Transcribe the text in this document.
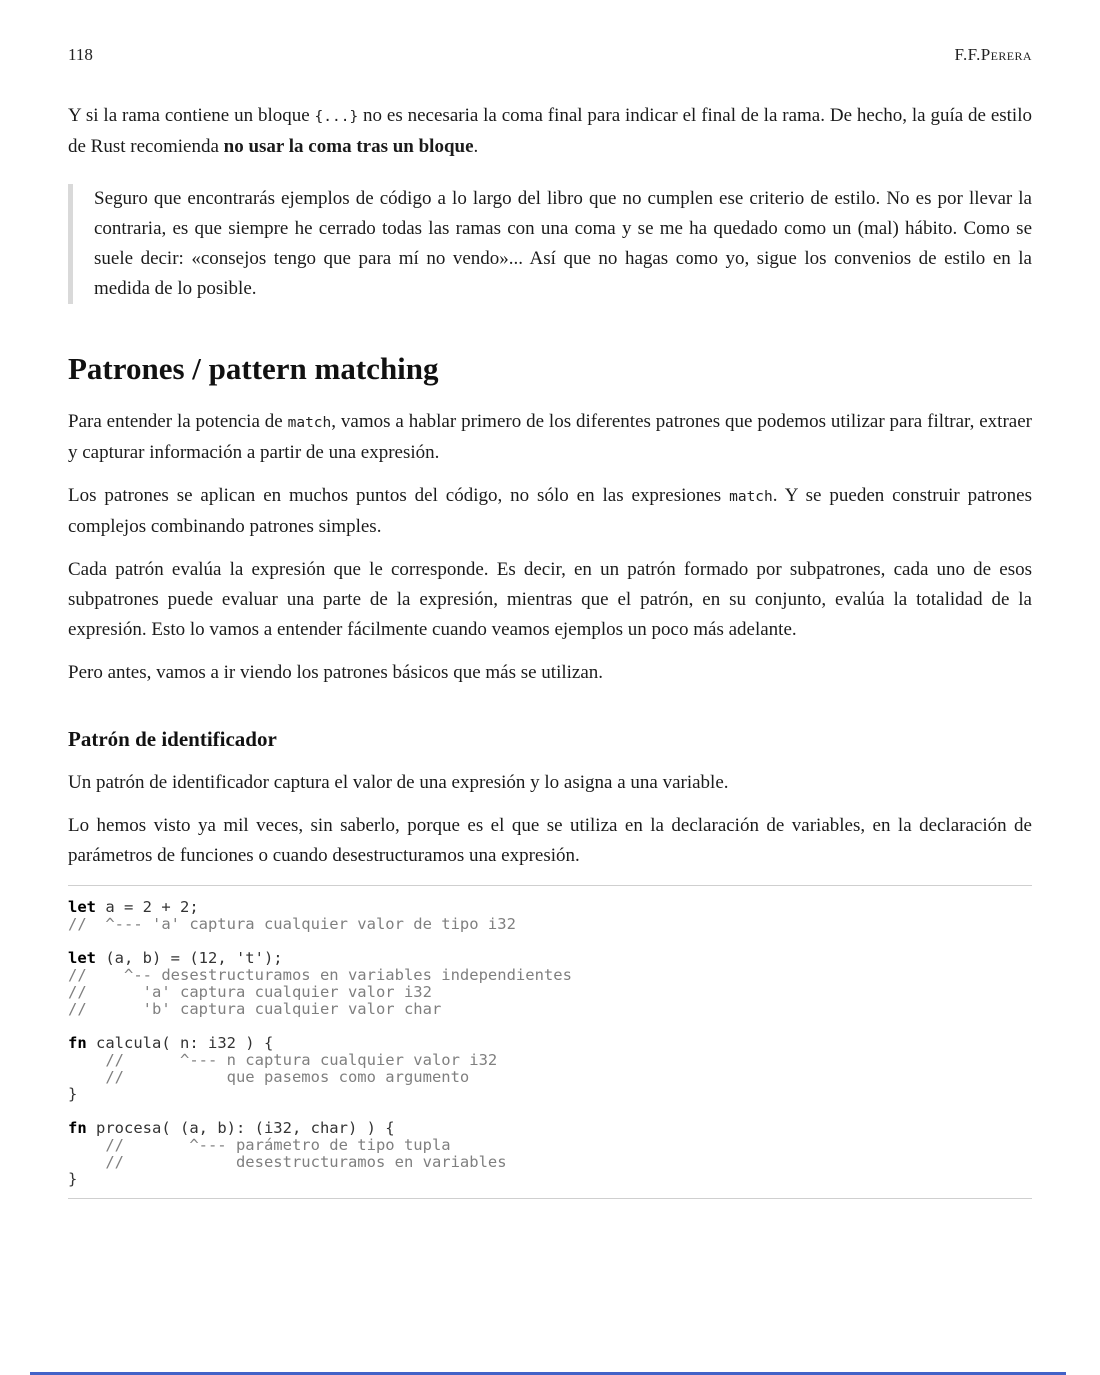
118	F.F.Perera

Y si la rama contiene un bloque {...} no es necesaria la coma final para indicar el final de la rama. De hecho, la guía de estilo de Rust recomienda no usar la coma tras un bloque.

Seguro que encontrarás ejemplos de código a lo largo del libro que no cumplen ese criterio de estilo. No es por llevar la contraria, es que siempre he cerrado todas las ramas con una coma y se me ha quedado como un (mal) hábito. Como se suele decir: «consejos tengo que para mí no vendo»... Así que no hagas como yo, sigue los convenios de estilo en la medida de lo posible.

Patrones / pattern matching

Para entender la potencia de match, vamos a hablar primero de los diferentes patrones que podemos utilizar para filtrar, extraer y capturar información a partir de una expresión.

Los patrones se aplican en muchos puntos del código, no sólo en las expresiones match. Y se pueden construir patrones complejos combinando patrones simples.

Cada patrón evalúa la expresión que le corresponde. Es decir, en un patrón formado por subpatrones, cada uno de esos subpatrones puede evaluar una parte de la expresión, mientras que el patrón, en su conjunto, evalúa la totalidad de la expresión. Esto lo vamos a entender fácilmente cuando veamos ejemplos un poco más adelante.

Pero antes, vamos a ir viendo los patrones básicos que más se utilizan.

Patrón de identificador

Un patrón de identificador captura el valor de una expresión y lo asigna a una variable.

Lo hemos visto ya mil veces, sin saberlo, porque es el que se utiliza en la declaración de variables, en la declaración de parámetros de funciones o cuando desestructuramos una expresión.

let a = 2 + 2;
//  ^--- 'a' captura cualquier valor de tipo i32

let (a, b) = (12, 't');
//    ^-- desestructuramos en variables independientes
//      'a' captura cualquier valor i32
//      'b' captura cualquier valor char

fn calcula( n: i32 ) {
//      ^--- n captura cualquier valor i32
//           que pasemos como argumento
}

fn procesa( (a, b): (i32, char) ) {
//       ^--- parámetro de tipo tupla
//            desestructuramos en variables
}
